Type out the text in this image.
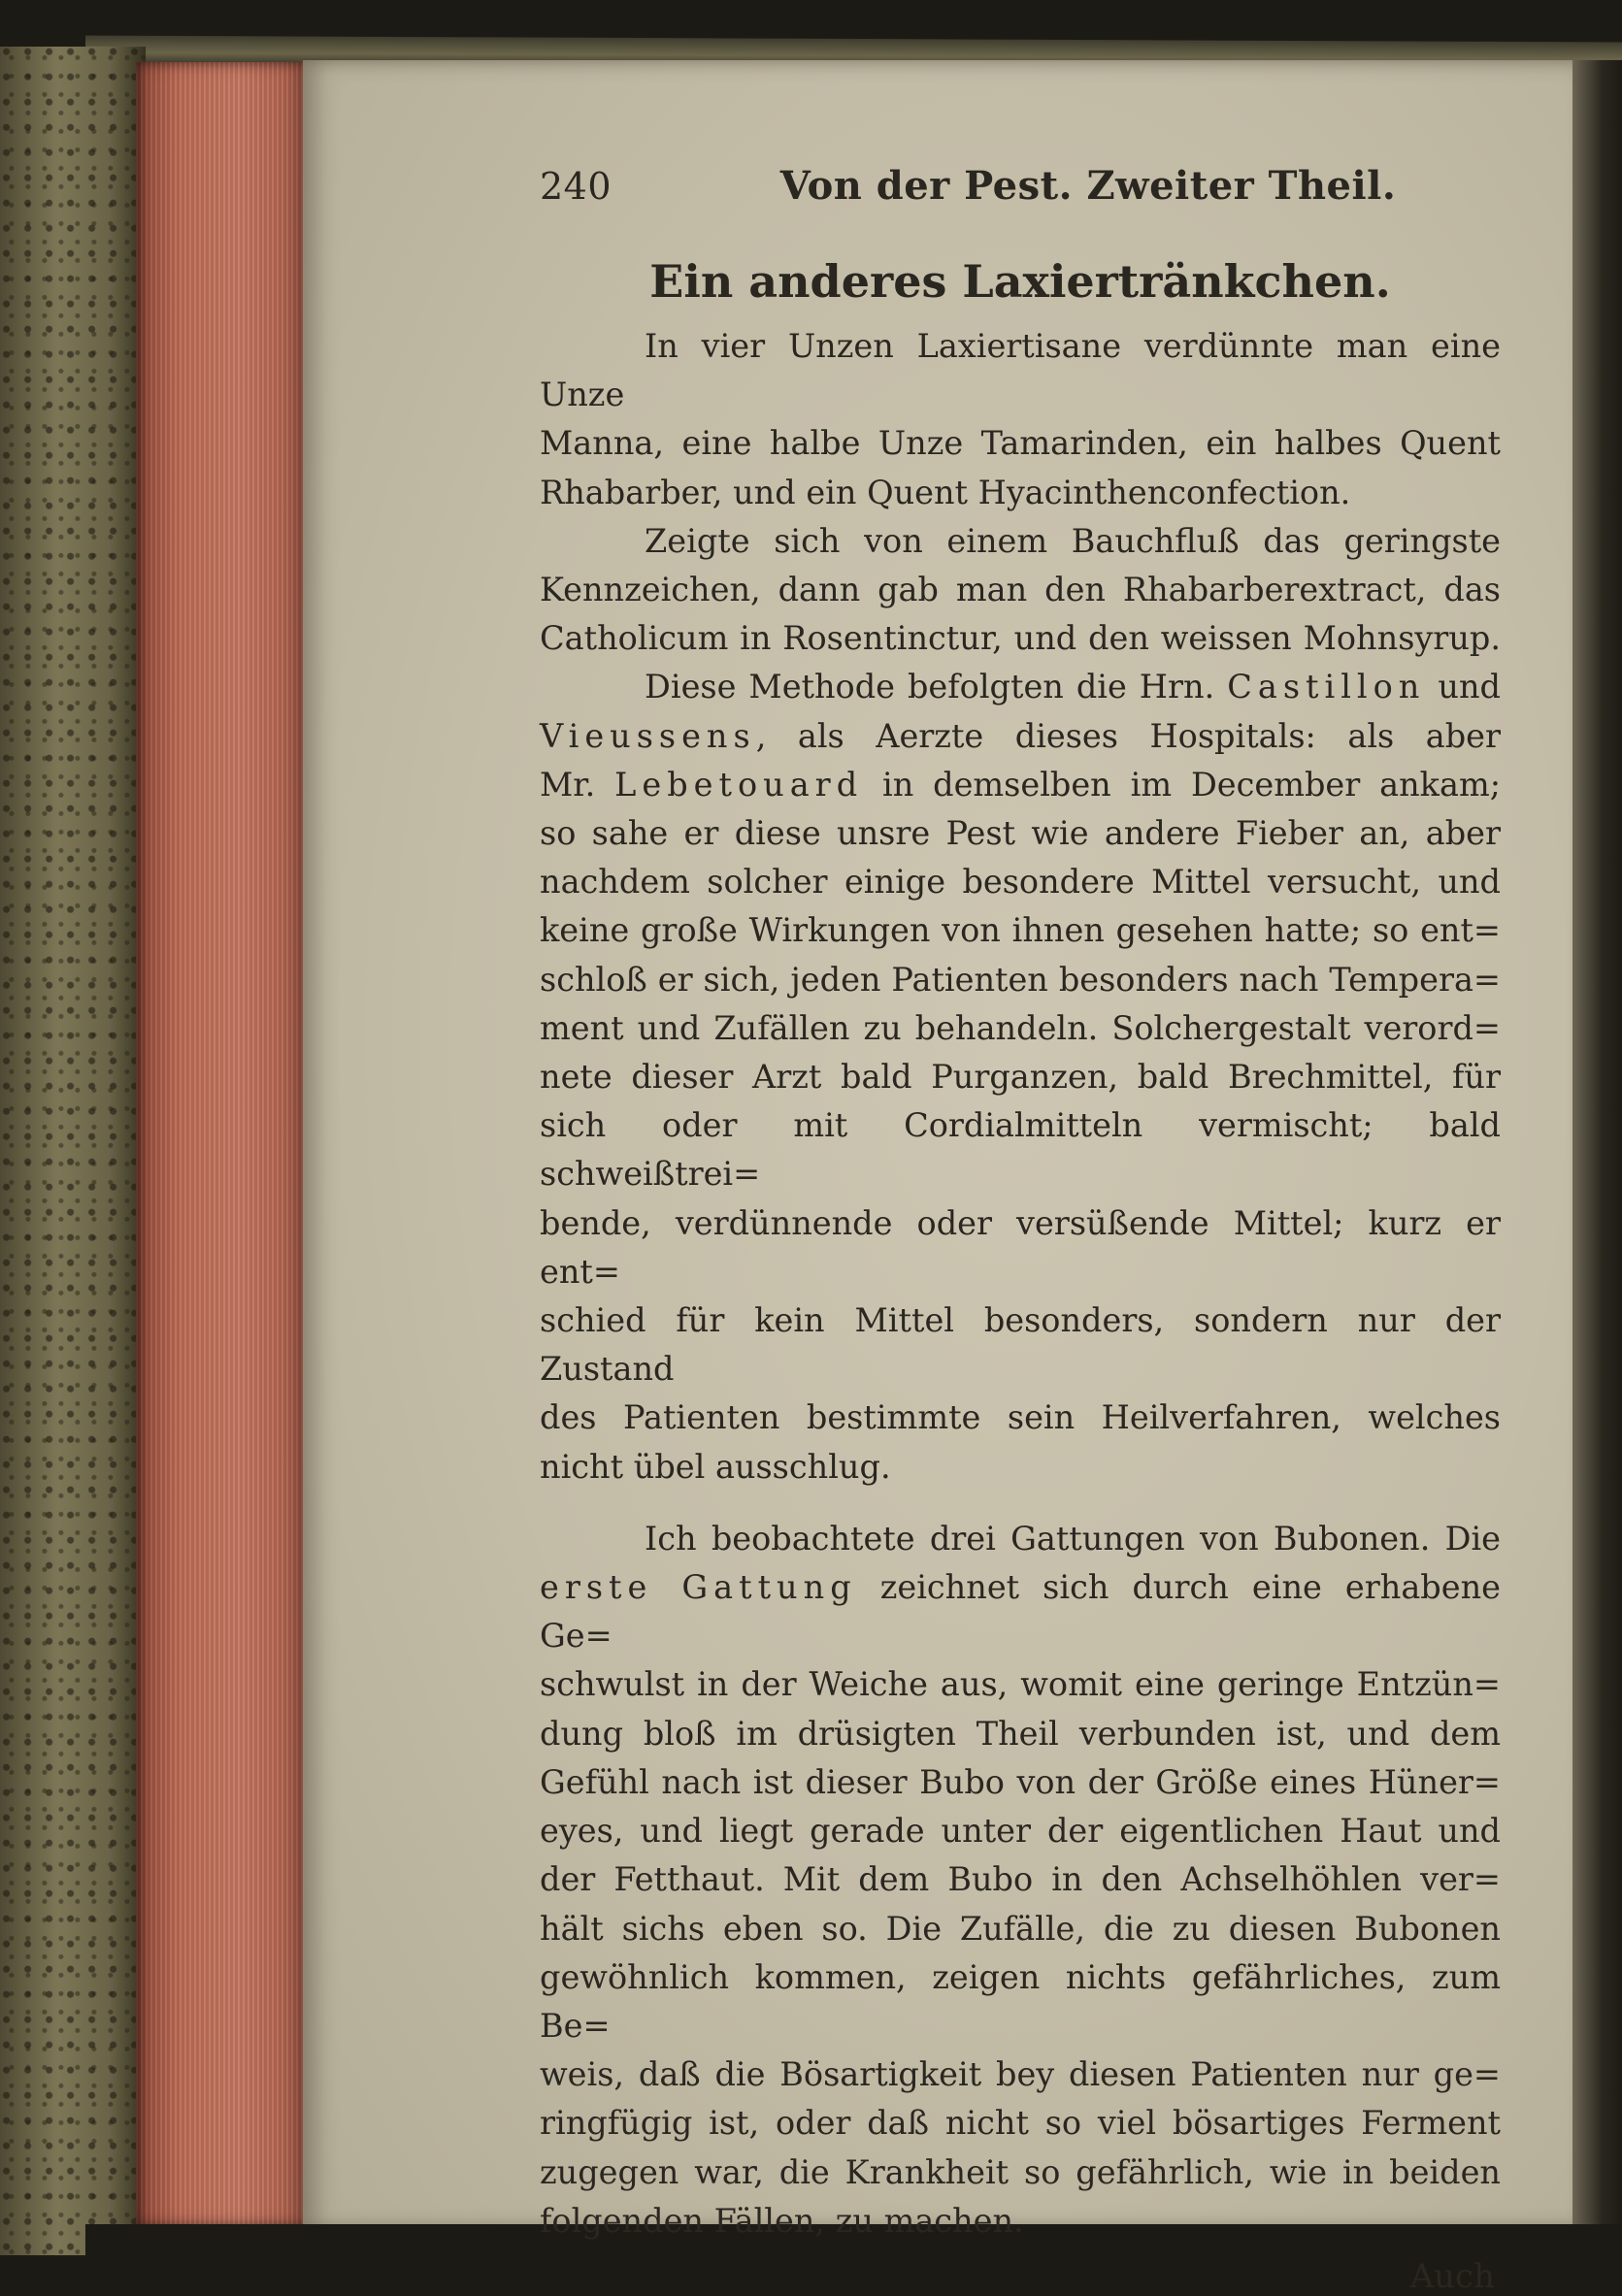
240	Von der Pest. Zweiter Theil.
Ein anderes Laxiertränkchen.
In vier Unzen Laxiertisane verdünnte man eine Unze
Manna, eine halbe Unze Tamarinden, ein halbes Quent
Rhabarber, und ein Quent Hyacinthenconfection.
Zeigte sich von einem Bauchfluß das geringste
Kennzeichen, dann gab man den Rhabarberextract, das
Catholicum in Rosentinctur, und den weissen Mohnsyrup.
Diese Methode befolgten die Hrn. Castillon und
Vieussens, als Aerzte dieses Hospitals: als aber
Mr. Lebetouard in demselben im December ankam;
so sahe er diese unsre Pest wie andere Fieber an, aber
nachdem solcher einige besondere Mittel versucht, und
keine große Wirkungen von ihnen gesehen hatte; so ent=
schloß er sich, jeden Patienten besonders nach Tempera=
ment und Zufällen zu behandeln. Solchergestalt verord=
nete dieser Arzt bald Purganzen, bald Brechmittel, für
sich oder mit Cordialmitteln vermischt; bald schweißtrei=
bende, verdünnende oder versüßende Mittel; kurz er ent=
schied für kein Mittel besonders, sondern nur der Zustand
des Patienten bestimmte sein Heilverfahren, welches
nicht übel ausschlug.
Ich beobachtete drei Gattungen von Bubonen. Die
erste Gattung zeichnet sich durch eine erhabene Ge=
schwulst in der Weiche aus, womit eine geringe Entzün=
dung bloß im drüsigten Theil verbunden ist, und dem
Gefühl nach ist dieser Bubo von der Größe eines Hüner=
eyes, und liegt gerade unter der eigentlichen Haut und
der Fetthaut. Mit dem Bubo in den Achselhöhlen ver=
hält sichs eben so. Die Zufälle, die zu diesen Bubonen
gewöhnlich kommen, zeigen nichts gefährliches, zum Be=
weis, daß die Bösartigkeit bey diesen Patienten nur ge=
ringfügig ist, oder daß nicht so viel bösartiges Ferment
zugegen war, die Krankheit so gefährlich, wie in beiden
folgenden Fällen, zu machen.
Auch
